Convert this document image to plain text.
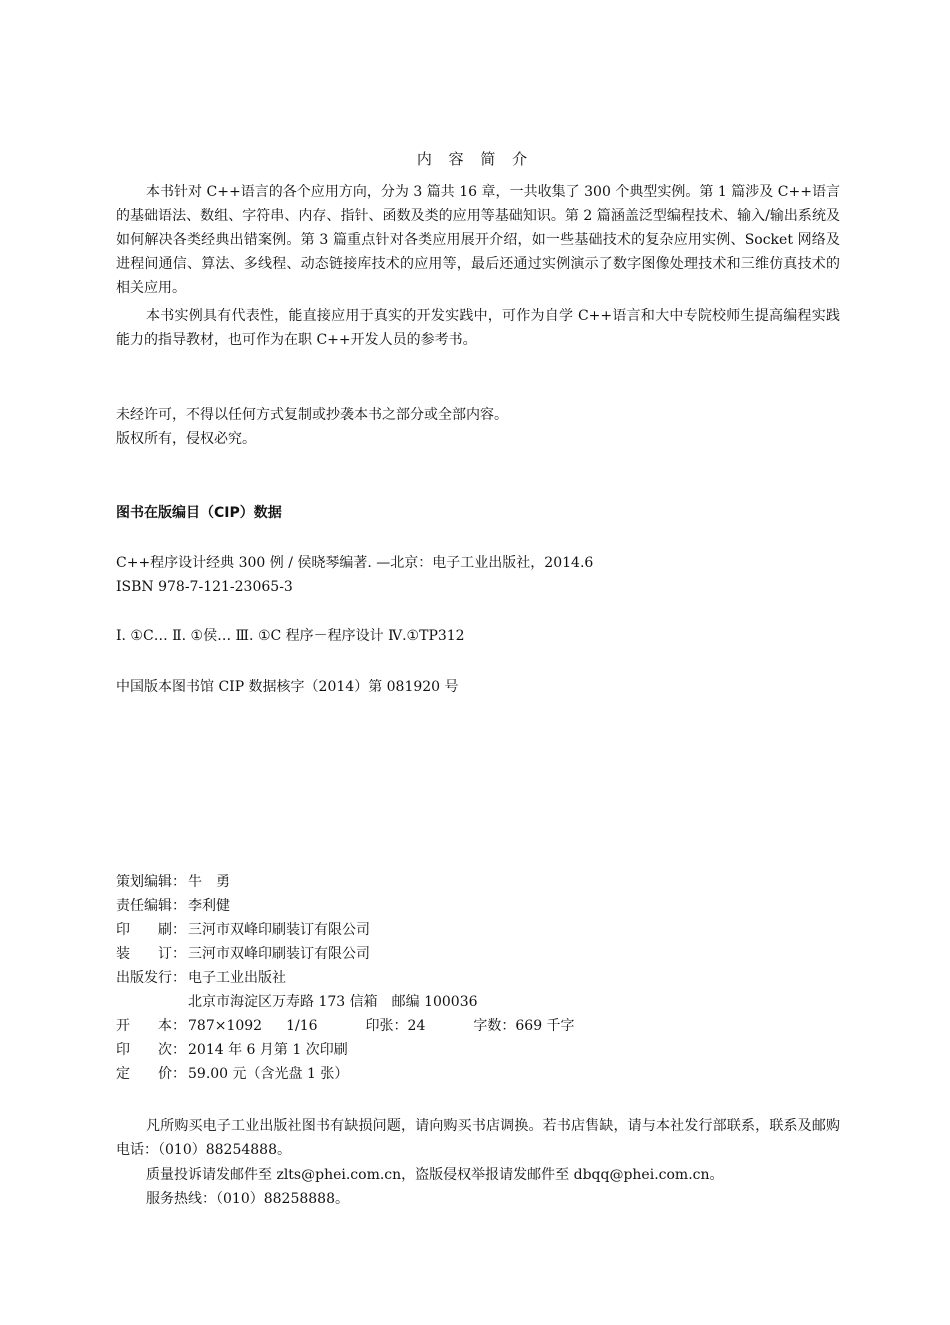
内 容 简 介

本书针对 C++语言的各个应用方向，分为 3 篇共 16 章，一共收集了 300 个典型实例。第 1 篇涉及 C++语言的基础语法、数组、字符串、内存、指针、函数及类的应用等基础知识。第 2 篇涵盖泛型编程技术、输入/输出系统及如何解决各类经典出错案例。第 3 篇重点针对各类应用展开介绍，如一些基础技术的复杂应用实例、Socket 网络及进程间通信、算法、多线程、动态链接库技术的应用等，最后还通过实例演示了数字图像处理技术和三维仿真技术的相关应用。

本书实例具有代表性，能直接应用于真实的开发实践中，可作为自学 C++语言和大中专院校师生提高编程实践能力的指导教材，也可作为在职 C++开发人员的参考书。

未经许可，不得以任何方式复制或抄袭本书之部分或全部内容。
版权所有，侵权必究。
图书在版编目（CIP）数据
C++程序设计经典 300 例 / 侯晓琴编著. —北京：电子工业出版社，2014.6
ISBN 978-7-121-23065-3
Ⅰ. ①C… Ⅱ. ①侯… Ⅲ. ①C 程序－程序设计 Ⅳ.①TP312
中国版本图书馆 CIP 数据核字（2014）第 081920 号
策划编辑： 牛　勇
责任编辑： 李利健
印　　刷： 三河市双峰印刷装订有限公司
装　　订： 三河市双峰印刷装订有限公司
出版发行： 电子工业出版社
北京市海淀区万寿路 173 信箱　邮编 100036
开　　本： 787×1092 1/16	印张：24	字数：669 千字
印　　次： 2014 年 6 月第 1 次印刷
定　　价： 59.00 元（含光盘 1 张）

凡所购买电子工业出版社图书有缺损问题，请向购买书店调换。若书店售缺，请与本社发行部联系，联系及邮购电话：（010）88254888。

质量投诉请发邮件至 zlts@phei.com.cn，盗版侵权举报请发邮件至 dbqq@phei.com.cn。
服务热线：（010）88258888。
